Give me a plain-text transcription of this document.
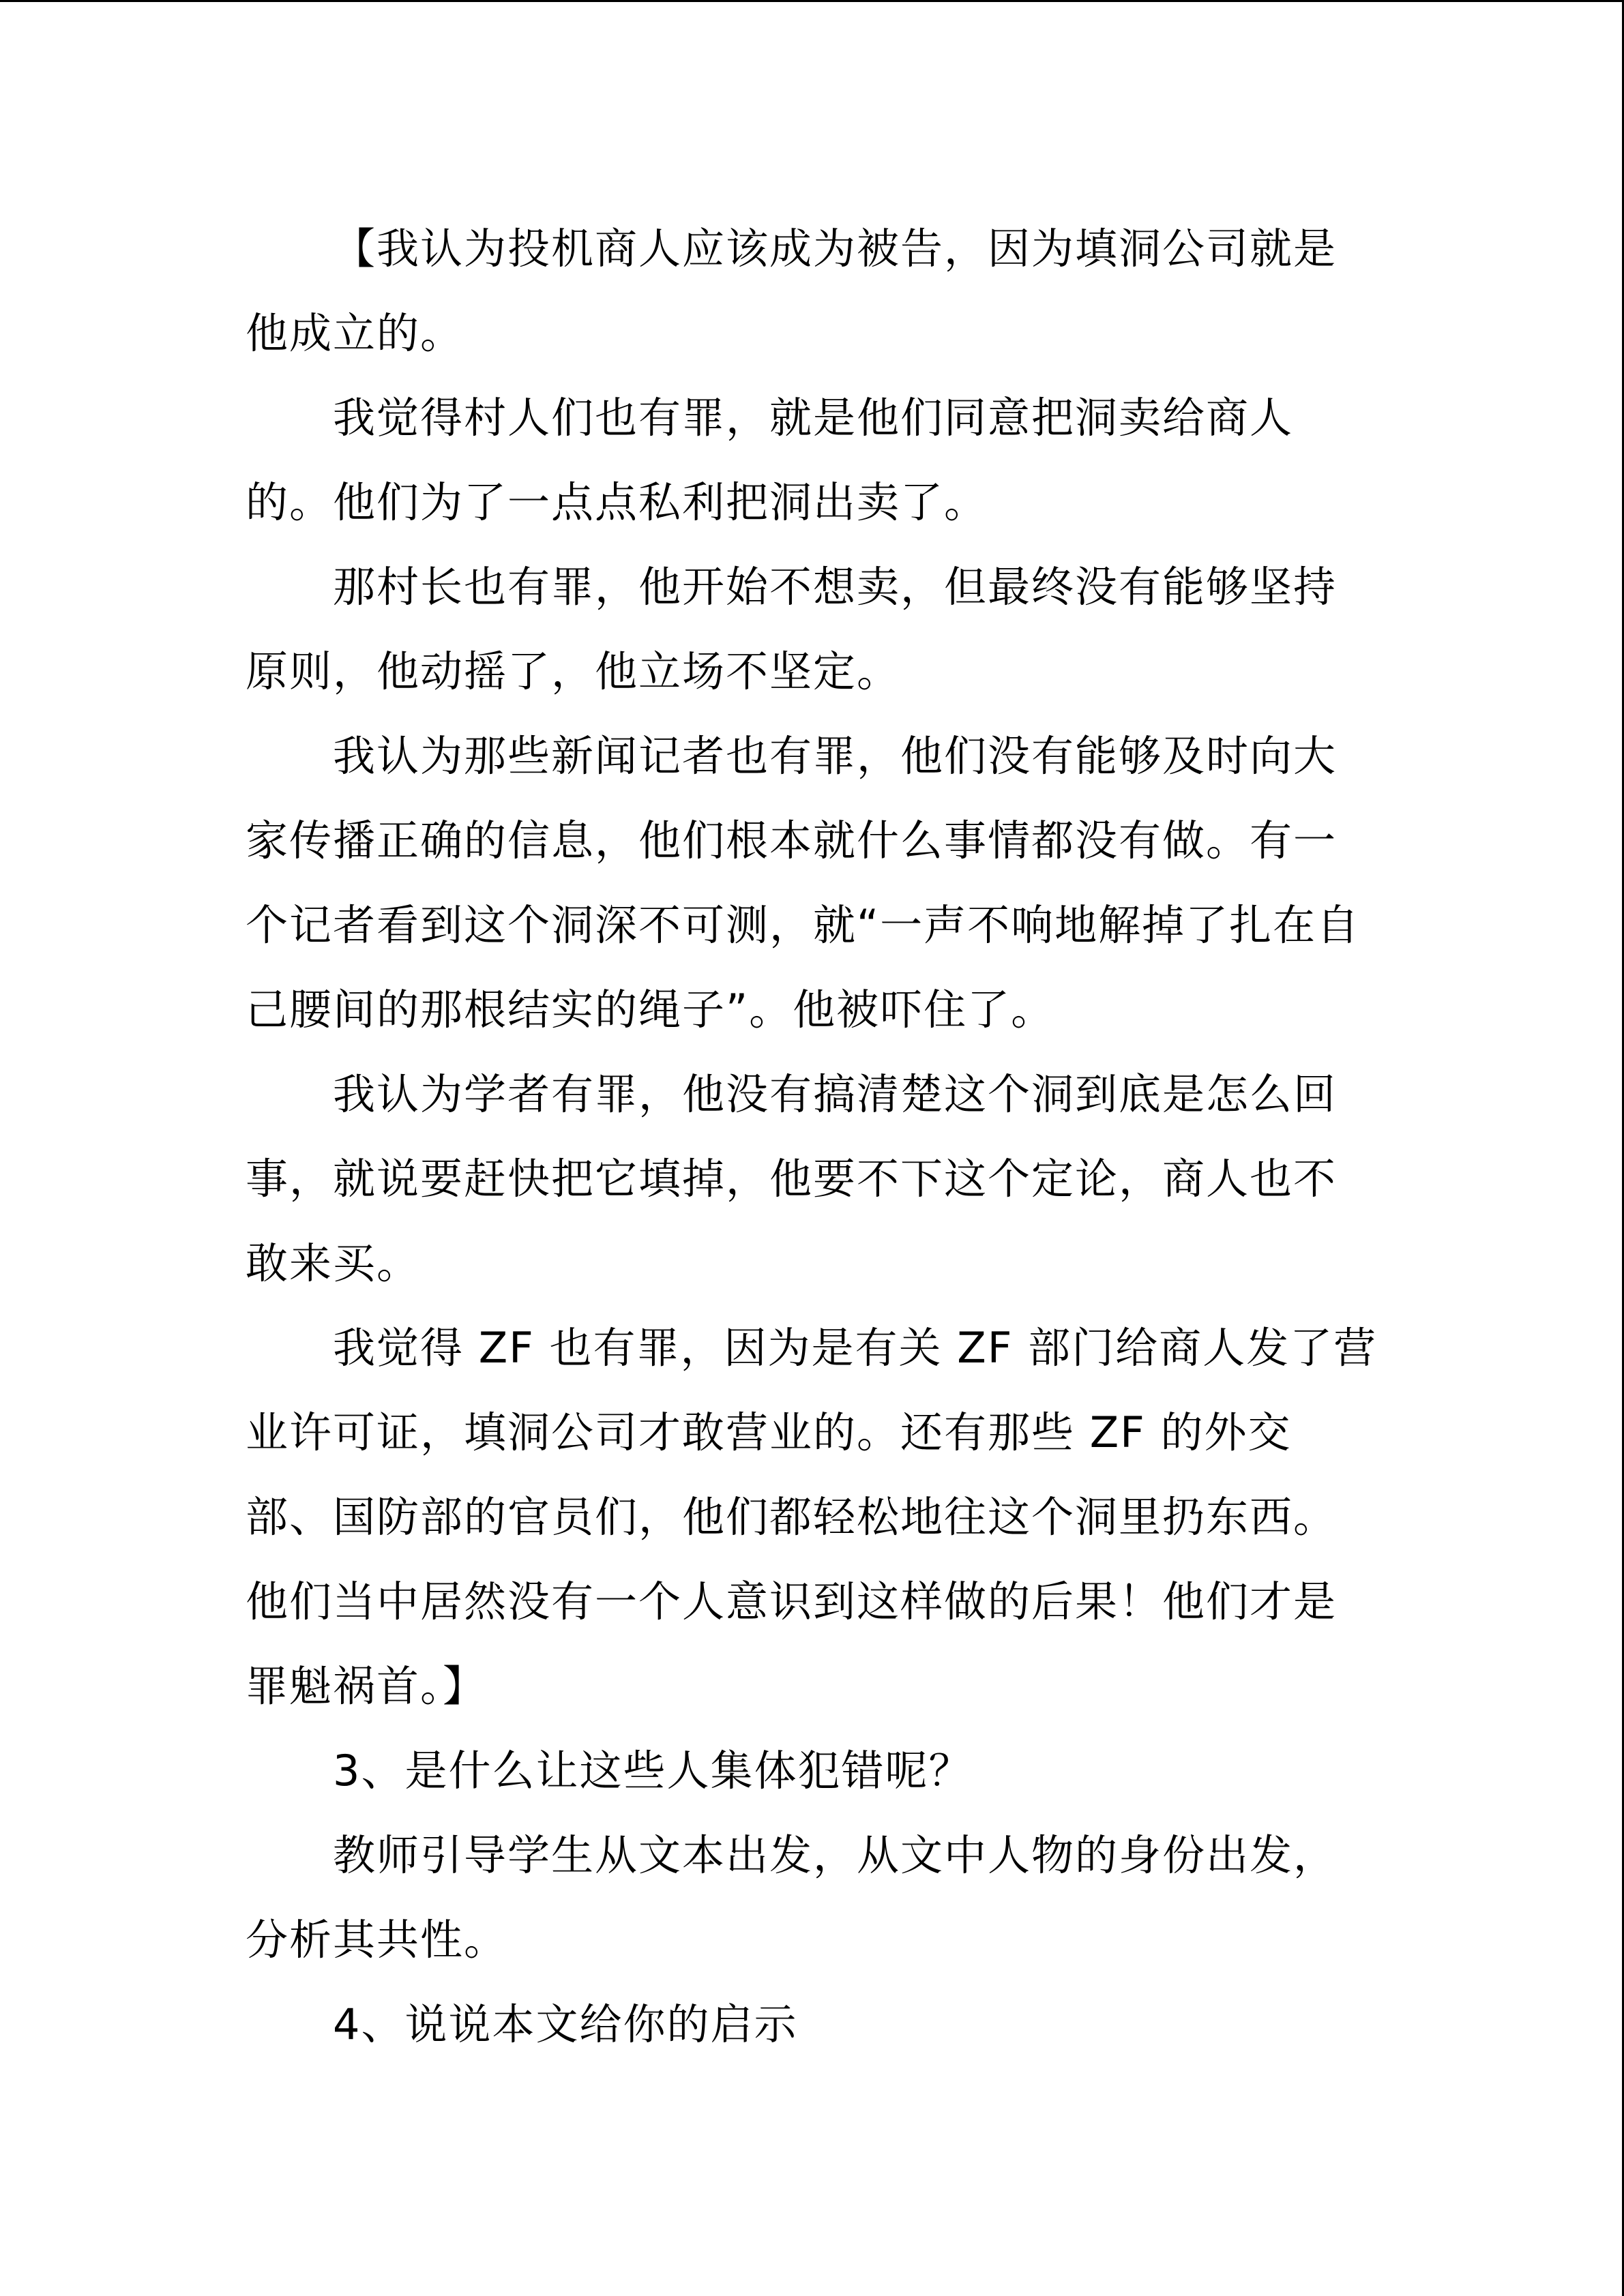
【我认为投机商人应该成为被告，因为填洞公司就是他成立的。

我觉得村人们也有罪，就是他们同意把洞卖给商人的。他们为了一点点私利把洞出卖了。

那村长也有罪，他开始不想卖，但最终没有能够坚持原则，他动摇了，他立场不坚定。

我认为那些新闻记者也有罪，他们没有能够及时向大家传播正确的信息，他们根本就什么事情都没有做。有一个记者看到这个洞深不可测，就“一声不响地解掉了扎在自己腰间的那根结实的绳子”。他被吓住了。

我认为学者有罪，他没有搞清楚这个洞到底是怎么回事，就说要赶快把它填掉，他要不下这个定论，商人也不敢来买。

我觉得 ZF 也有罪，因为是有关 ZF 部门给商人发了营业许可证，填洞公司才敢营业的。还有那些 ZF 的外交部、国防部的官员们，他们都轻松地往这个洞里扔东西。他们当中居然没有一个人意识到这样做的后果！他们才是罪魁祸首。】

3、是什么让这些人集体犯错呢？

教师引导学生从文本出发，从文中人物的身份出发，分析其共性。

4、说说本文给你的启示
